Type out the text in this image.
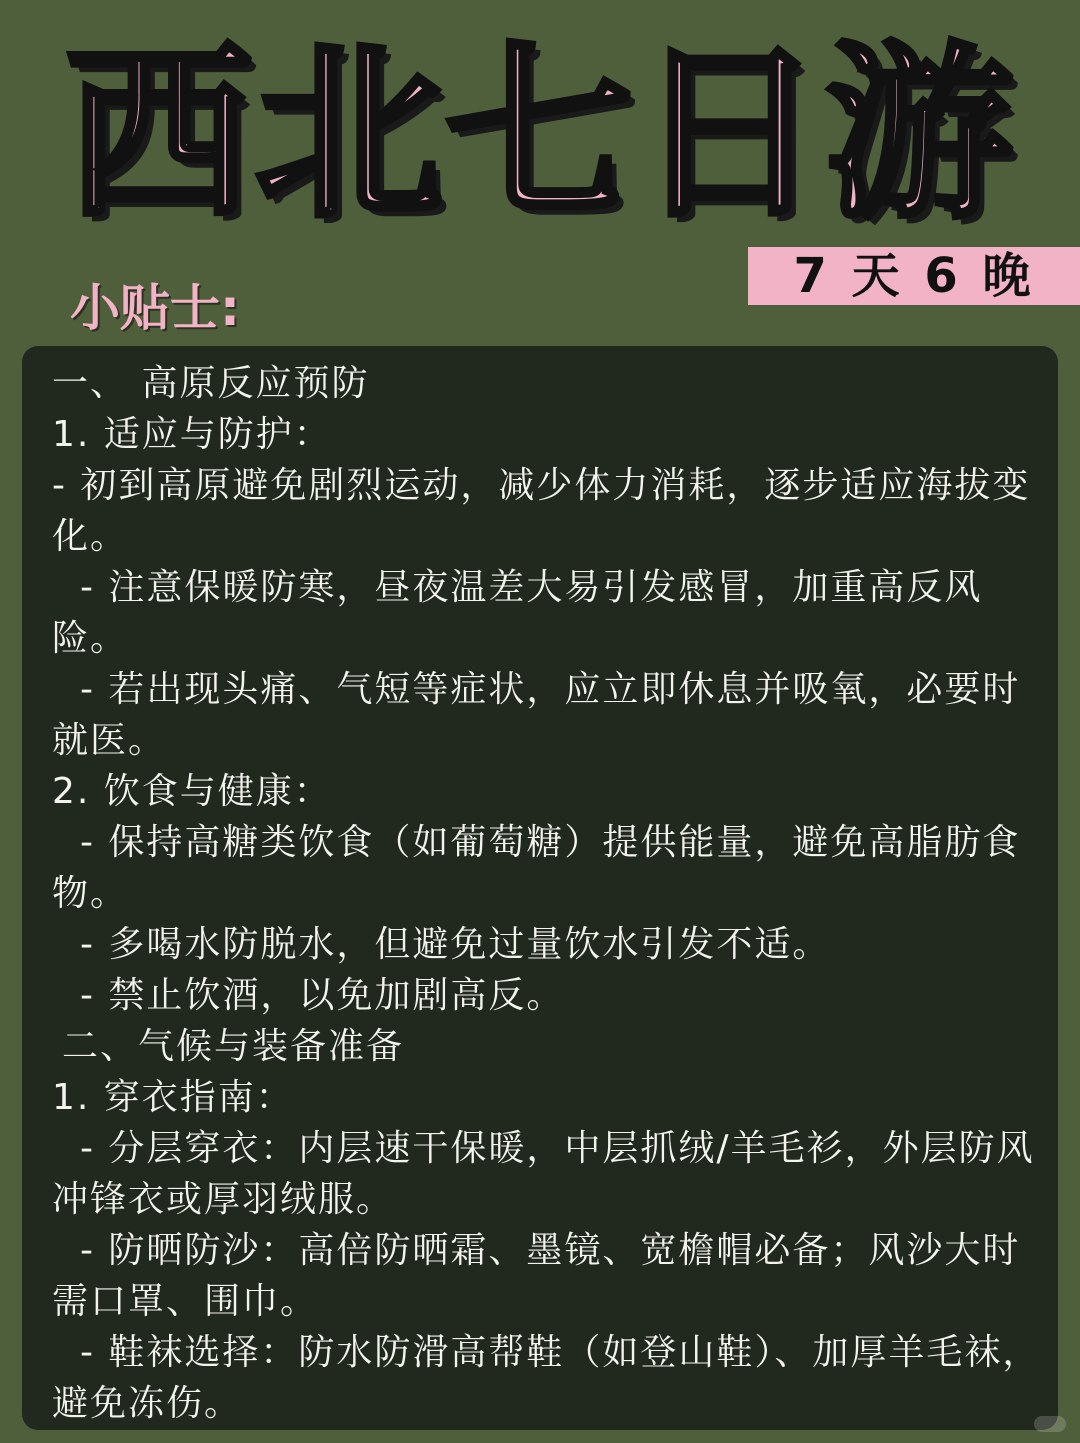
西北七日游
7 天 6 晚
小贴士:
一、 高原反应预防
1. 适应与防护：
- 初到高原避免剧烈运动，减少体力消耗，逐步适应海拔变化。
- 注意保暖防寒，昼夜温差大易引发感冒，加重高反风险。
- 若出现头痛、气短等症状，应立即休息并吸氧，必要时就医。
2. 饮食与健康：
- 保持高糖类饮食（如葡萄糖）提供能量，避免高脂肪食物。
- 多喝水防脱水，但避免过量饮水引发不适。
- 禁止饮酒，以免加剧高反。
二、气候与装备准备
1. 穿衣指南：
- 分层穿衣：内层速干保暖，中层抓绒/羊毛衫，外层防风冲锋衣或厚羽绒服。
- 防晒防沙：高倍防晒霜、墨镜、宽檐帽必备；风沙大时需口罩、围巾。
- 鞋袜选择：防水防滑高帮鞋（如登山鞋）、加厚羊毛袜，避免冻伤。
